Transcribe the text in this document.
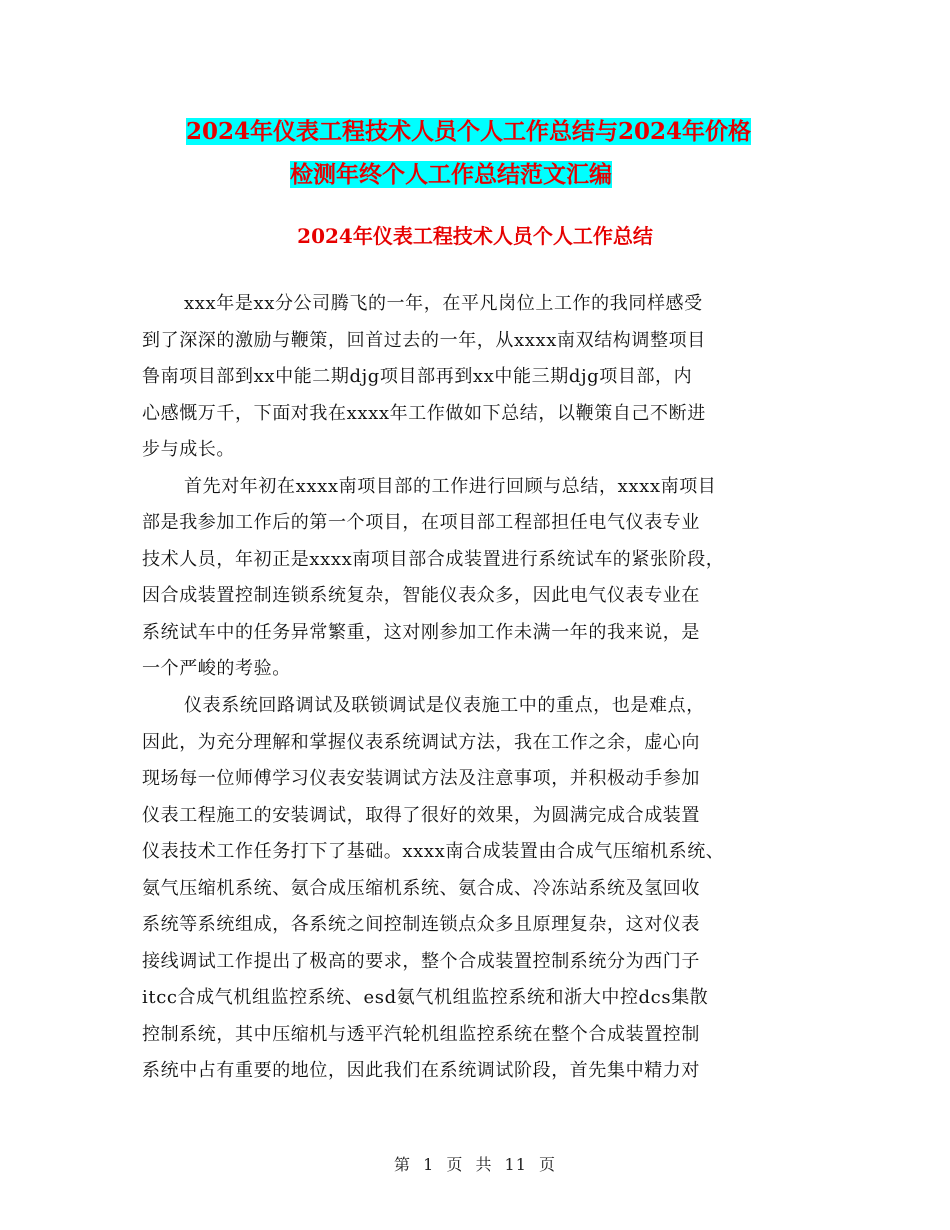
2024年仪表工程技术人员个人工作总结与2024年价格
检测年终个人工作总结范文汇编
2024年仪表工程技术人员个人工作总结

xxx年是xx分公司腾飞的一年，在平凡岗位上工作的我同样感受
到了深深的激励与鞭策，回首过去的一年，从xxxx南双结构调整项目
鲁南项目部到xx中能二期djg项目部再到xx中能三期djg项目部，内
心感慨万千，下面对我在xxxx年工作做如下总结，以鞭策自己不断进
步与成长。

首先对年初在xxxx南项目部的工作进行回顾与总结，xxxx南项目
部是我参加工作后的第一个项目，在项目部工程部担任电气仪表专业
技术人员，年初正是xxxx南项目部合成装置进行系统试车的紧张阶段，
因合成装置控制连锁系统复杂，智能仪表众多，因此电气仪表专业在
系统试车中的任务异常繁重，这对刚参加工作未满一年的我来说，是
一个严峻的考验。

仪表系统回路调试及联锁调试是仪表施工中的重点，也是难点，
因此，为充分理解和掌握仪表系统调试方法，我在工作之余，虚心向
现场每一位师傅学习仪表安装调试方法及注意事项，并积极动手参加
仪表工程施工的安装调试，取得了很好的效果，为圆满完成合成装置
仪表技术工作任务打下了基础。xxxx南合成装置由合成气压缩机系统、
氨气压缩机系统、氨合成压缩机系统、氨合成、冷冻站系统及氢回收
系统等系统组成，各系统之间控制连锁点众多且原理复杂，这对仪表
接线调试工作提出了极高的要求，整个合成装置控制系统分为西门子
itcc合成气机组监控系统、esd氨气机组监控系统和浙大中控dcs集散
控制系统，其中压缩机与透平汽轮机组监控系统在整个合成装置控制
系统中占有重要的地位，因此我们在系统调试阶段，首先集中精力对

第 1 页 共 11 页
